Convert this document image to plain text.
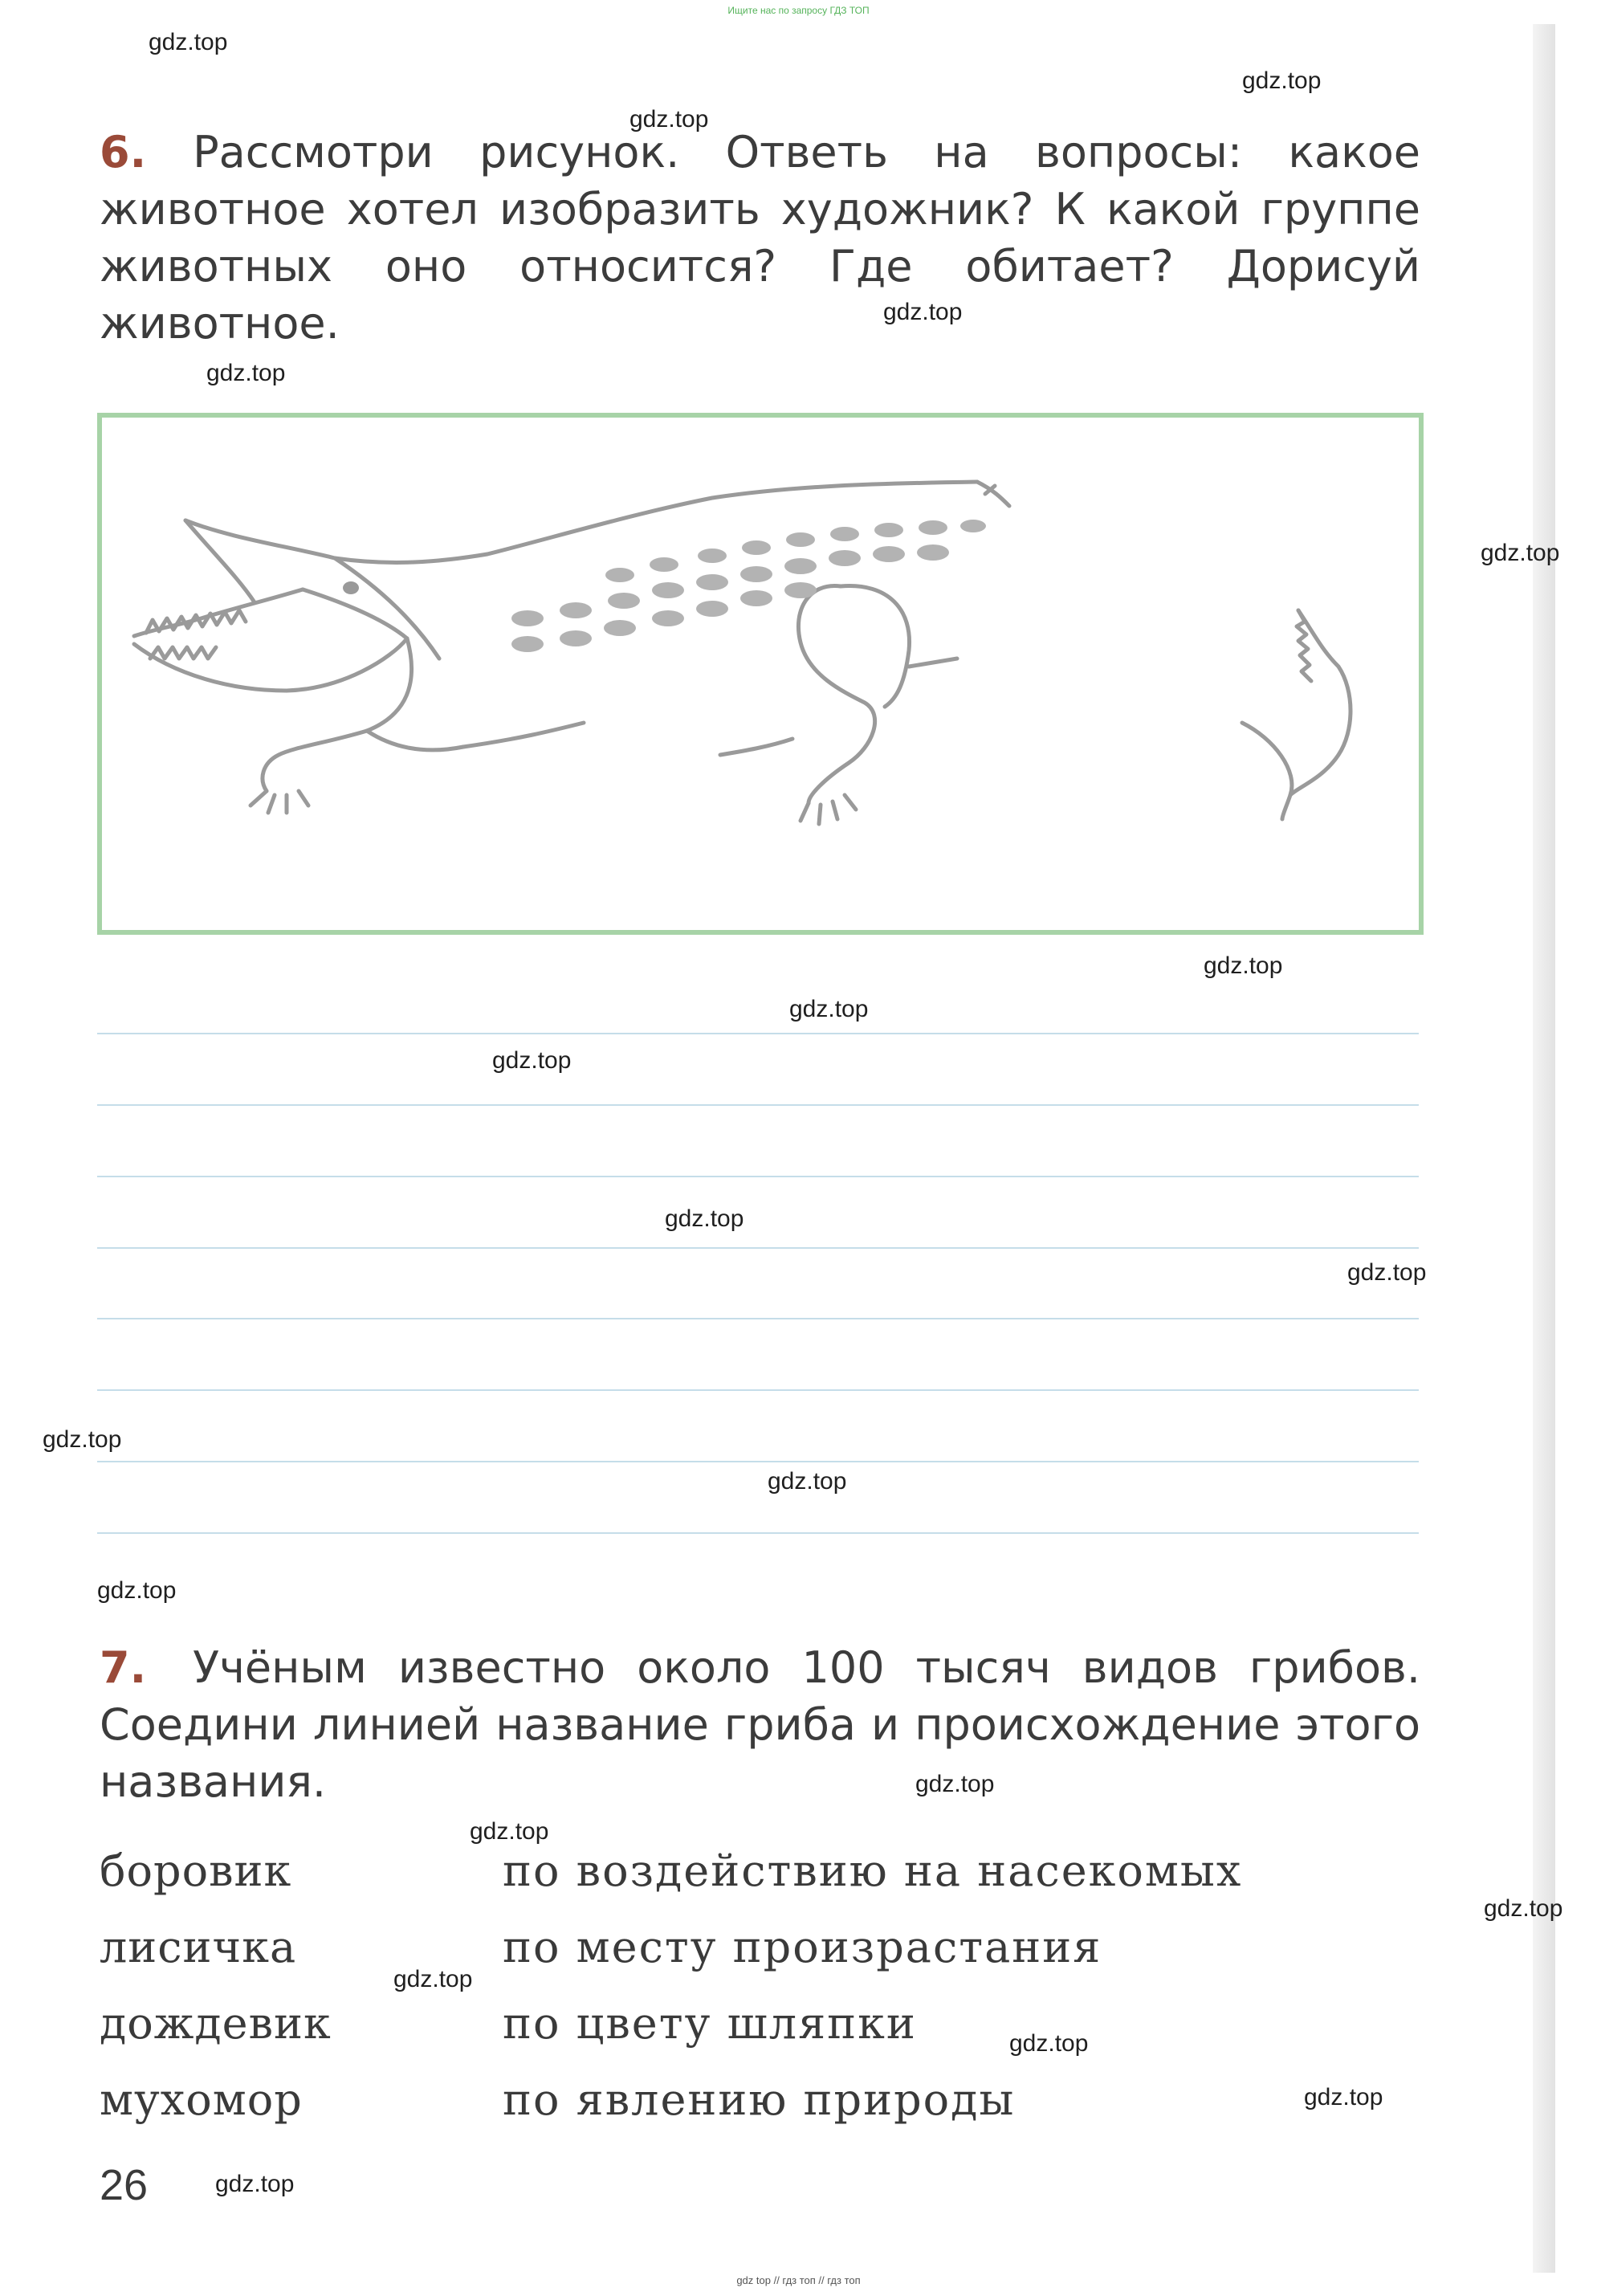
Ищите нас по запросу ГДЗ ТОП
gdz.top
gdz.top
gdz.top
gdz.top
gdz.top
gdz.top
gdz.top
gdz.top
gdz.top
gdz.top
gdz.top
gdz.top
gdz.top
gdz.top
gdz.top
gdz.top
gdz.top
gdz.top
gdz.top
gdz.top
gdz.top
6. Рассмотри рисунок. Ответь на вопросы: какое животное хотел изобразить художник? К какой группе животных оно относится? Где обитает? Дорисуй животное.
7. Учёным известно около 100 тысяч видов грибов. Соедини линией название гриба и происхождение этого названия.
боровик	по воздействию на насекомых
лисичка	по месту произрастания
дождевик	по цвету шляпки
мухомор	по явлению природы
26
gdz top // гдз топ // гдз топ
